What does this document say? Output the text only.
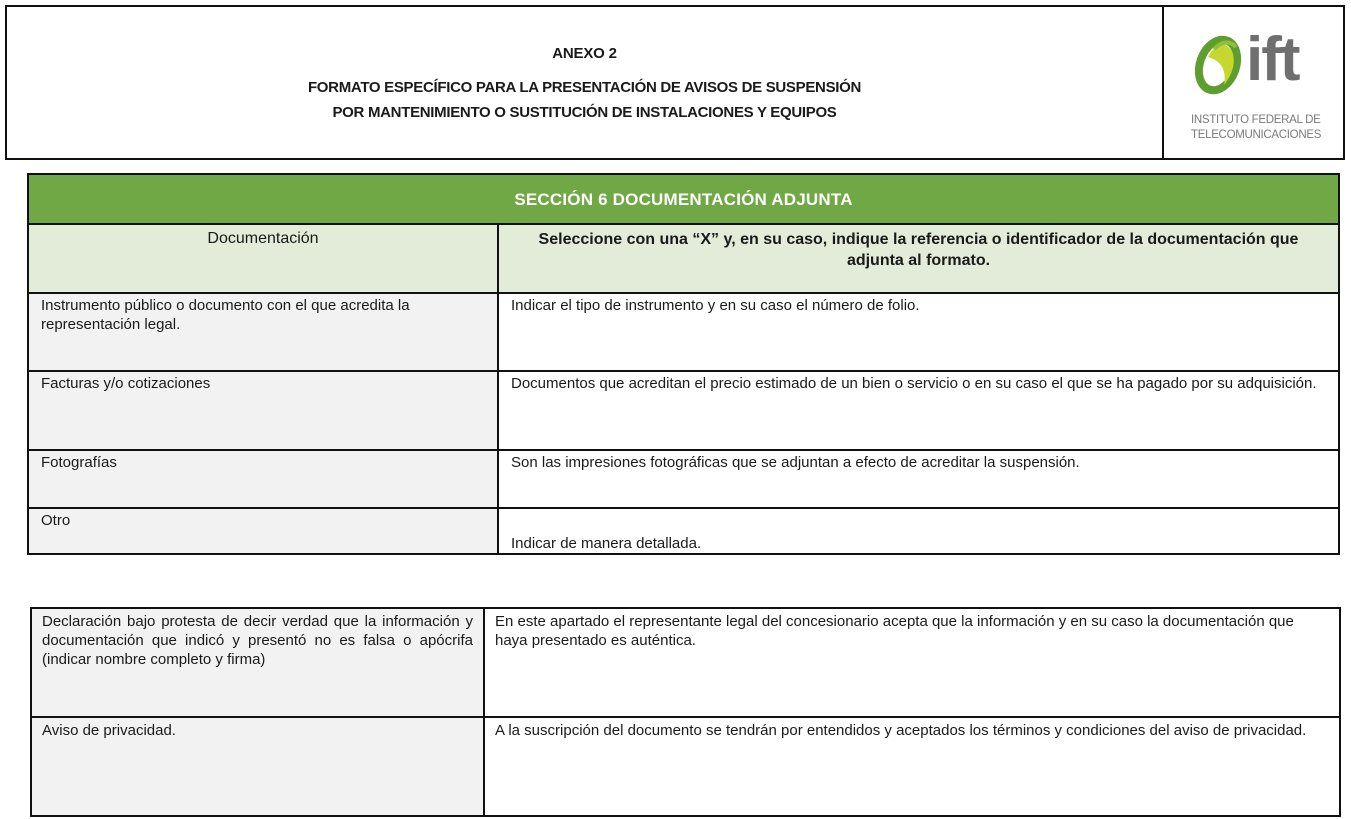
ANEXO 2
FORMATO ESPECÍFICO PARA LA PRESENTACIÓN DE AVISOS DE SUSPENSIÓN
POR MANTENIMIENTO O SUSTITUCIÓN DE INSTALACIONES Y EQUIPOS
ift
INSTITUTO FEDERAL DE
TELECOMUNICACIONES
SECCIÓN 6 DOCUMENTACIÓN ADJUNTA	
Documentación	Seleccione con una “X” y, en su caso, indique la referencia o identificador de la documentación que adjunta al formato.
Instrumento público o documento con el que acredita la representación legal.	Indicar el tipo de instrumento y en su caso el número de folio.
Facturas y/o cotizaciones	Documentos que acreditan el precio estimado de un bien o servicio o en su caso el que se ha pagado por su adquisición.
Fotografías	Son las impresiones fotográficas que se adjuntan a efecto de acreditar la suspensión.
Otro	Indicar de manera detallada.
Declaración bajo protesta de decir verdad que la información y documentación que indicó y presentó no es falsa o apócrifa (indicar nombre completo y firma)	En este apartado el representante legal del concesionario acepta que la información y en su caso la documentación que haya presentado es auténtica.
Aviso de privacidad.	A la suscripción del documento se tendrán por entendidos y aceptados los términos y condiciones del aviso de privacidad.
